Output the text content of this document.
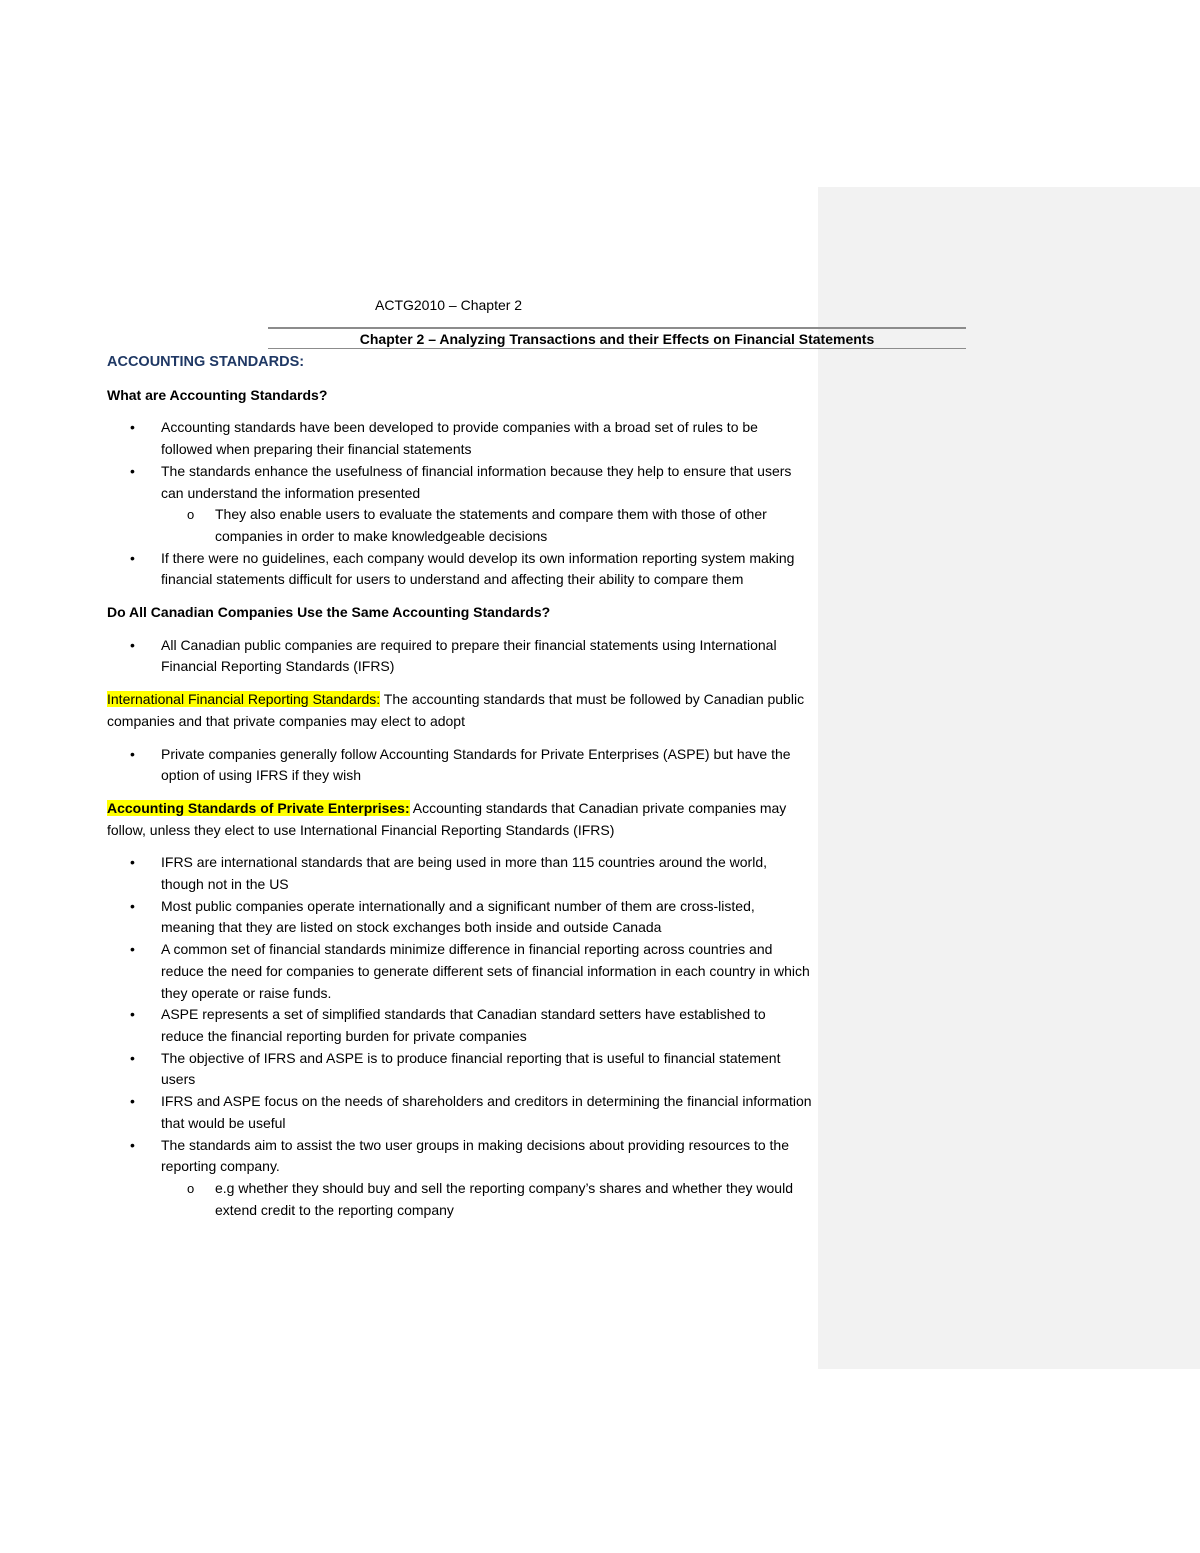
ACTG2010 – Chapter 2
Chapter 2 – Analyzing Transactions and their Effects on Financial Statements
ACCOUNTING STANDARDS:
What are Accounting Standards?
• Accounting standards have been developed to provide companies with a broad set of rules to be followed when preparing their financial statements
• The standards enhance the usefulness of financial information because they help to ensure that users can understand the information presented
o They also enable users to evaluate the statements and compare them with those of other companies in order to make knowledgeable decisions
• If there were no guidelines, each company would develop its own information reporting system making financial statements difficult for users to understand and affecting their ability to compare them
Do All Canadian Companies Use the Same Accounting Standards?
• All Canadian public companies are required to prepare their financial statements using International Financial Reporting Standards (IFRS)
International Financial Reporting Standards: The accounting standards that must be followed by Canadian public companies and that private companies may elect to adopt
• Private companies generally follow Accounting Standards for Private Enterprises (ASPE) but have the option of using IFRS if they wish
Accounting Standards of Private Enterprises: Accounting standards that Canadian private companies may follow, unless they elect to use International Financial Reporting Standards (IFRS)
• IFRS are international standards that are being used in more than 115 countries around the world, though not in the US
• Most public companies operate internationally and a significant number of them are cross-listed, meaning that they are listed on stock exchanges both inside and outside Canada
• A common set of financial standards minimize difference in financial reporting across countries and reduce the need for companies to generate different sets of financial information in each country in which they operate or raise funds.
• ASPE represents a set of simplified standards that Canadian standard setters have established to reduce the financial reporting burden for private companies
• The objective of IFRS and ASPE is to produce financial reporting that is useful to financial statement users
• IFRS and ASPE focus on the needs of shareholders and creditors in determining the financial information that would be useful
• The standards aim to assist the two user groups in making decisions about providing resources to the reporting company.
o e.g whether they should buy and sell the reporting company’s shares and whether they would extend credit to the reporting company
